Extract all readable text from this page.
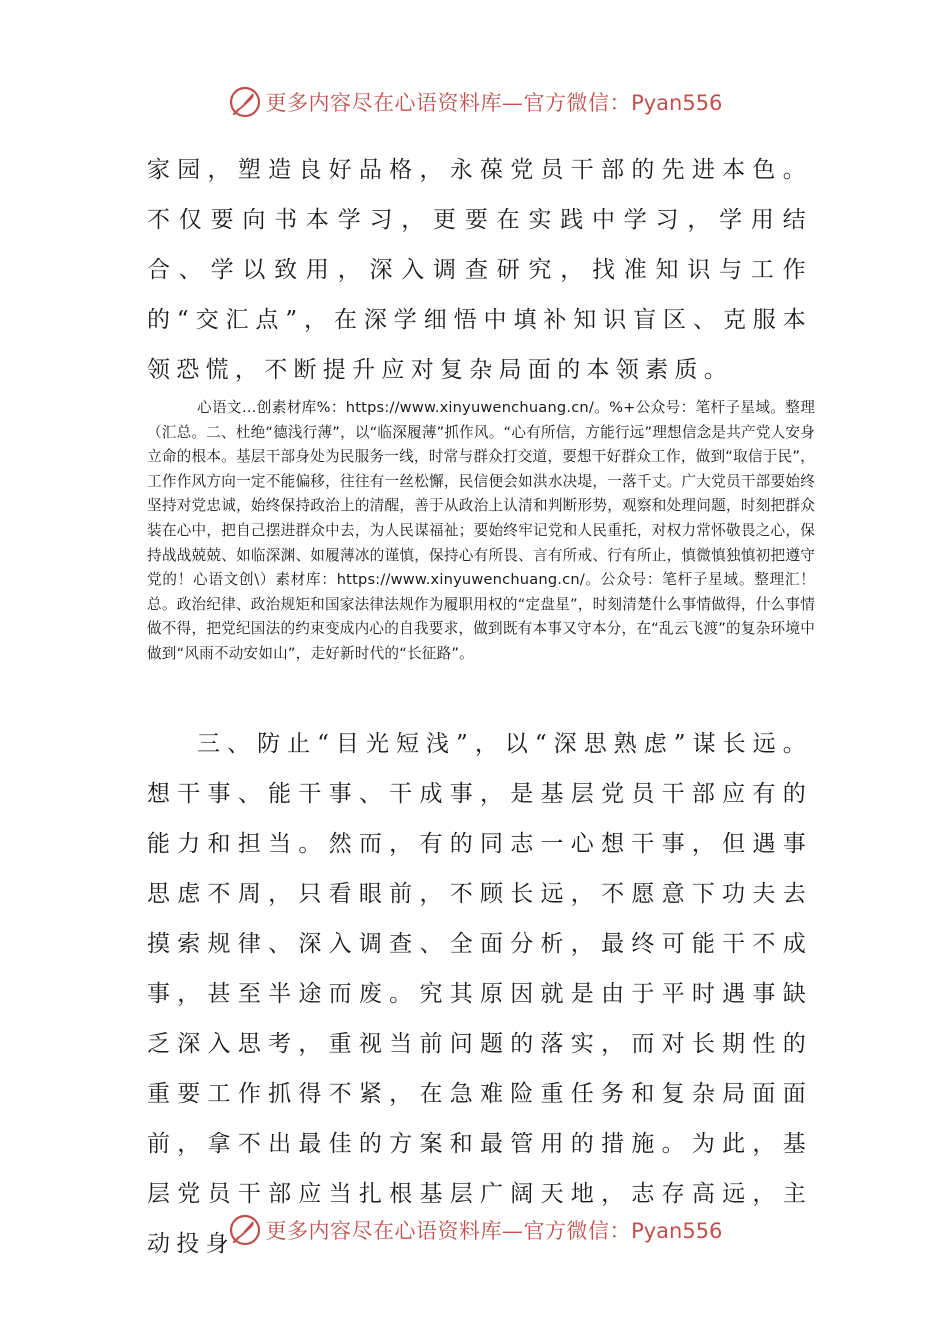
更多内容尽在心语资料库—官方微信：Pyan556

家园，塑造良好品格，永葆党员干部的先进本色。不仅要向书本学习，更要在实践中学习，学用结合、学以致用，深入调查研究，找准知识与工作的“交汇点”，在深学细悟中填补知识盲区、克服本领恐慌，不断提升应对复杂局面的本领素质。

心语文…创素材库%：https://www.xinyuwenchuang.cn/。%+公众号：笔杆子星域。整理（汇总。二、杜绝“德浅行薄”，以“临深履薄”抓作风。“心有所信，方能行远”理想信念是共产党人安身立命的根本。基层干部身处为民服务一线，时常与群众打交道，要想干好群众工作，做到“取信于民”，工作作风方向一定不能偏移，往往有一丝松懈，民信便会如洪水决堤，一落千丈。广大党员干部要始终坚持对党忠诚，始终保持政治上的清醒，善于从政治上认清和判断形势，观察和处理问题，时刻把群众装在心中，把自己摆进群众中去，为人民谋福祉；要始终牢记党和人民重托，对权力常怀敬畏之心，保持战战兢兢、如临深渊、如履薄冰的谨慎，保持心有所畏、言有所戒、行有所止，慎微慎独慎初把遵守党的！心语文创\）素材库：https://www.xinyuwenchuang.cn/。公众号：笔杆子星域。整理汇！总。政治纪律、政治规矩和国家法律法规作为履职用权的“定盘星”，时刻清楚什么事情做得，什么事情做不得，把党纪国法的约束变成内心的自我要求，做到既有本事又守本分，在“乱云飞渡”的复杂环境中做到“风雨不动安如山”，走好新时代的“长征路”。

三、防止“目光短浅”，以“深思熟虑”谋长远。想干事、能干事、干成事，是基层党员干部应有的能力和担当。然而，有的同志一心想干事，但遇事思虑不周，只看眼前，不顾长远，不愿意下功夫去摸索规律、深入调查、全面分析，最终可能干不成事，甚至半途而废。究其原因就是由于平时遇事缺乏深入思考，重视当前问题的落实，而对长期性的重要工作抓得不紧，在急难险重任务和复杂局面面前，拿不出最佳的方案和最管用的措施。为此，基层党员干部应当扎根基层广阔天地，志存高远，主动投身	更多内容尽在心语资料库—官方微信：Pyan556
